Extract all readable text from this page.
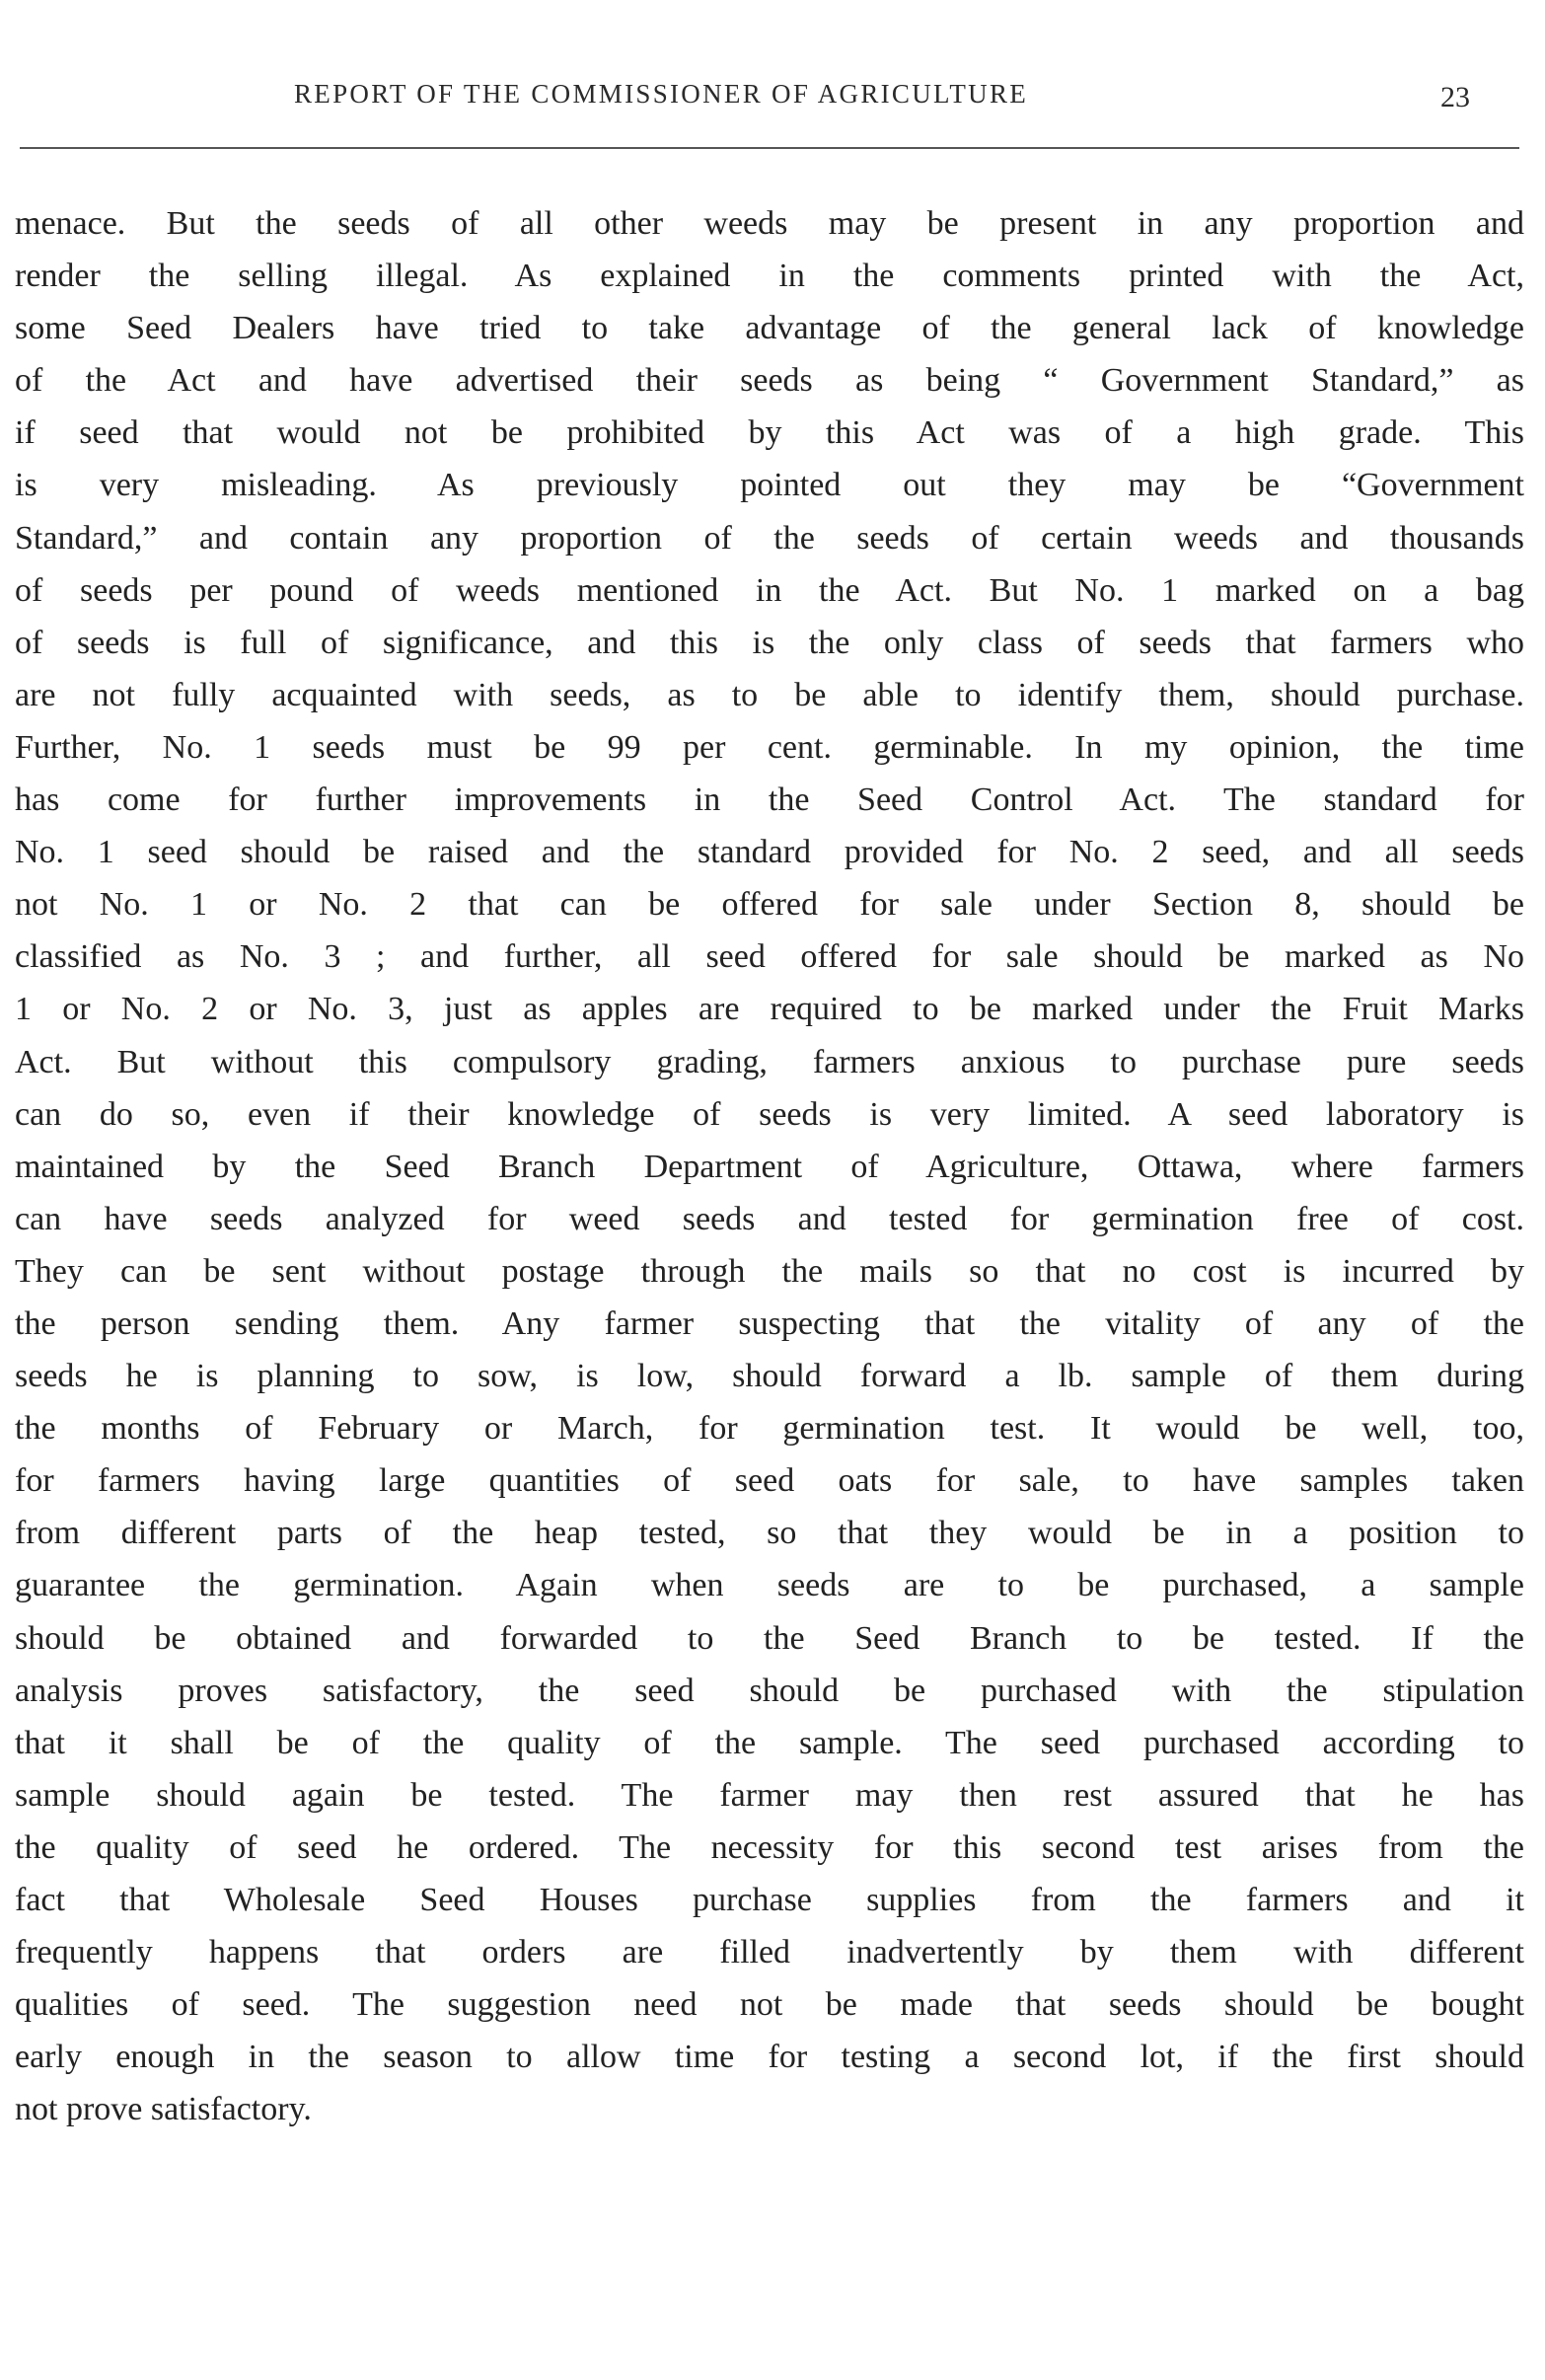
REPORT OF THE COMMISSIONER OF AGRICULTURE	23
menace. But the seeds of all other weeds may be present in any proportion and
render the selling illegal. As explained in the comments printed with the Act,
some Seed Dealers have tried to take advantage of the general lack of knowledge
of the Act and have advertised their seeds as being “ Government Standard,” as
if seed that would not be prohibited by this Act was of a high grade. This
is very misleading. As previously pointed out they may be “Government
Standard,” and contain any proportion of the seeds of certain weeds and thousands
of seeds per pound of weeds mentioned in the Act. But No. 1 marked on a bag
of seeds is full of significance, and this is the only class of seeds that farmers who
are not fully acquainted with seeds, as to be able to identify them, should purchase.
Further, No. 1 seeds must be 99 per cent. germinable. In my opinion, the time
has come for further improvements in the Seed Control Act. The standard for
No. 1 seed should be raised and the standard provided for No. 2 seed, and all seeds
not No. 1 or No. 2 that can be offered for sale under Section 8, should be
classified as No. 3 ; and further, all seed offered for sale should be marked as No
1 or No. 2 or No. 3, just as apples are required to be marked under the Fruit Marks
Act. But without this compulsory grading, farmers anxious to purchase pure seeds
can do so, even if their knowledge of seeds is very limited. A seed laboratory is
maintained by the Seed Branch Department of Agriculture, Ottawa, where farmers
can have seeds analyzed for weed seeds and tested for germination free of cost.
They can be sent without postage through the mails so that no cost is incurred by
the person sending them. Any farmer suspecting that the vitality of any of the
seeds he is planning to sow, is low, should forward a lb. sample of them during
the months of February or March, for germination test. It would be well, too,
for farmers having large quantities of seed oats for sale, to have samples taken
from different parts of the heap tested, so that they would be in a position to
guarantee the germination. Again when seeds are to be purchased, a sample
should be obtained and forwarded to the Seed Branch to be tested. If the
analysis proves satisfactory, the seed should be purchased with the stipulation
that it shall be of the quality of the sample. The seed purchased according to
sample should again be tested. The farmer may then rest assured that he has
the quality of seed he ordered. The necessity for this second test arises from the
fact that Wholesale Seed Houses purchase supplies from the farmers and it
frequently happens that orders are filled inadvertently by them with different
qualities of seed. The suggestion need not be made that seeds should be bought
early enough in the season to allow time for testing a second lot, if the first should
not prove satisfactory.
